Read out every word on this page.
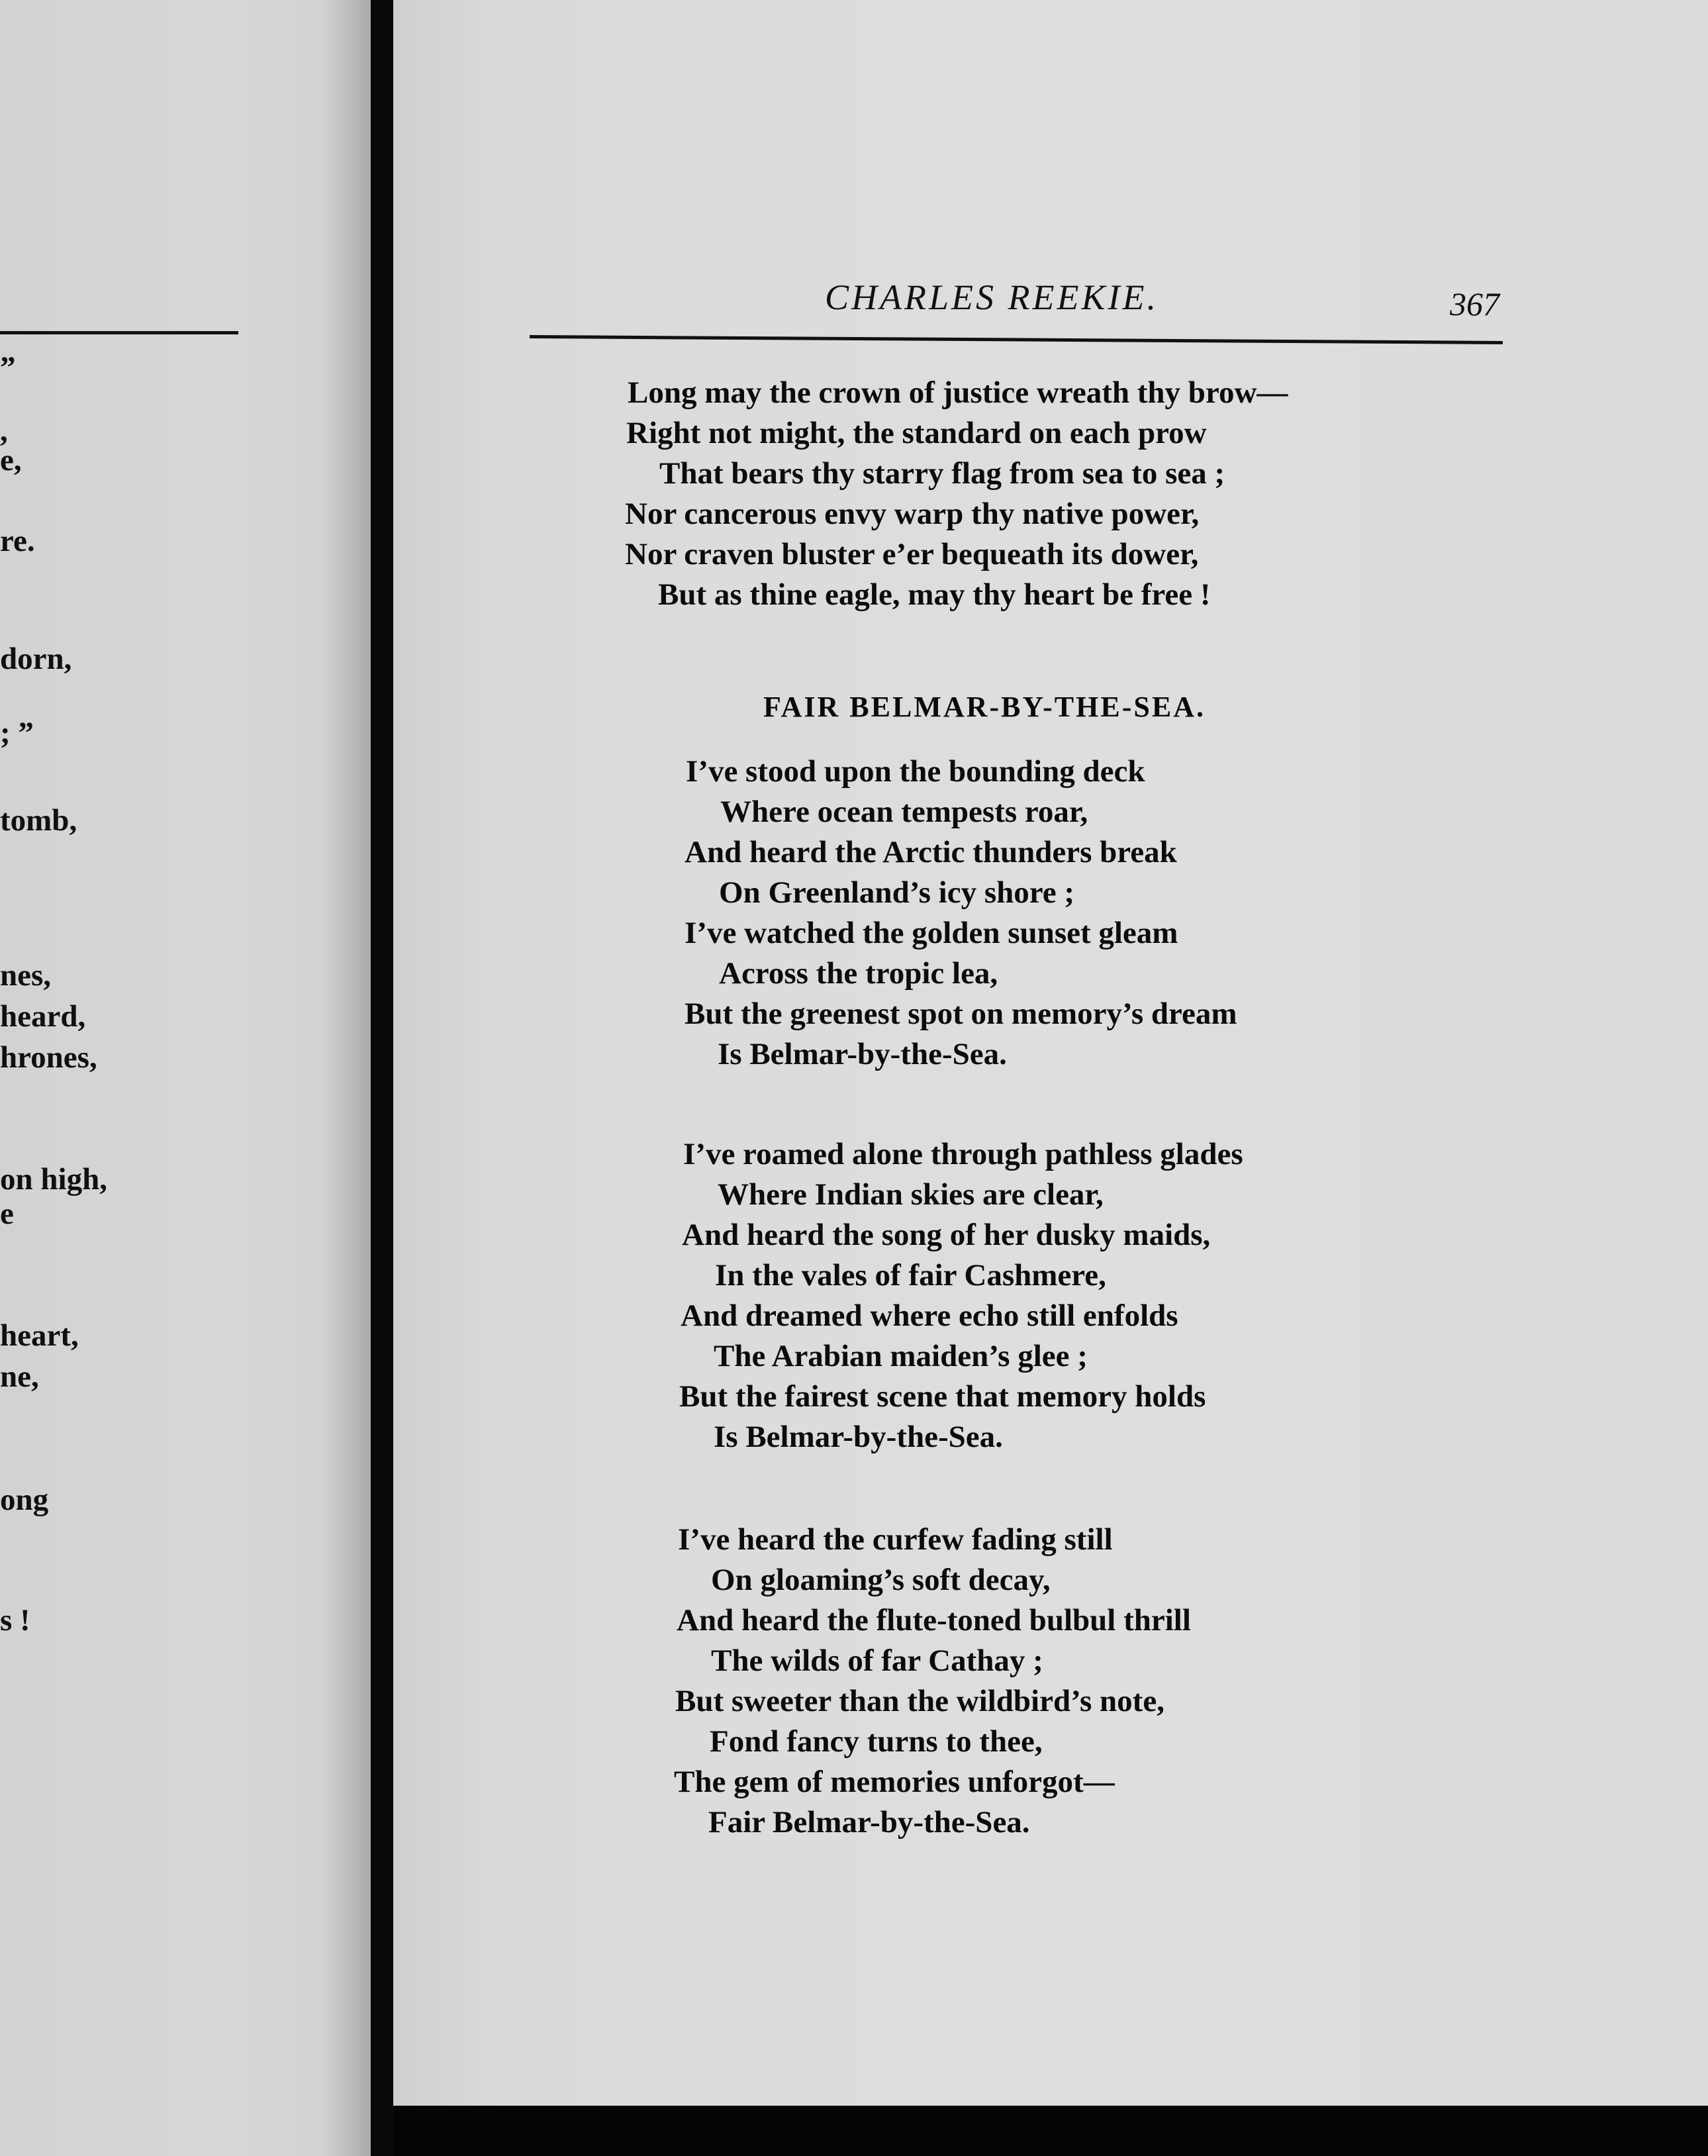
”
,
e,
re.
dorn,
; ”
tomb,
nes,
heard,
hrones,
on high,
e
heart,
ne,
ong
s !
CHARLES REEKIE.	367
Long may the crown of justice wreath thy brow—
Right not might, the standard on each prow
That bears thy starry flag from sea to sea ;
Nor cancerous envy warp thy native power,
Nor craven bluster e’er bequeath its dower,
But as thine eagle, may thy heart be free !
FAIR BELMAR-BY-THE-SEA.
I’ve stood upon the bounding deck
Where ocean tempests roar,
And heard the Arctic thunders break
On Greenland’s icy shore ;
I’ve watched the golden sunset gleam
Across the tropic lea,
But the greenest spot on memory’s dream
Is Belmar-by-the-Sea.
I’ve roamed alone through pathless glades
Where Indian skies are clear,
And heard the song of her dusky maids,
In the vales of fair Cashmere,
And dreamed where echo still enfolds
The Arabian maiden’s glee ;
But the fairest scene that memory holds
Is Belmar-by-the-Sea.
I’ve heard the curfew fading still
On gloaming’s soft decay,
And heard the flute-toned bulbul thrill
The wilds of far Cathay ;
But sweeter than the wildbird’s note,
Fond fancy turns to thee,
The gem of memories unforgot—
Fair Belmar-by-the-Sea.
